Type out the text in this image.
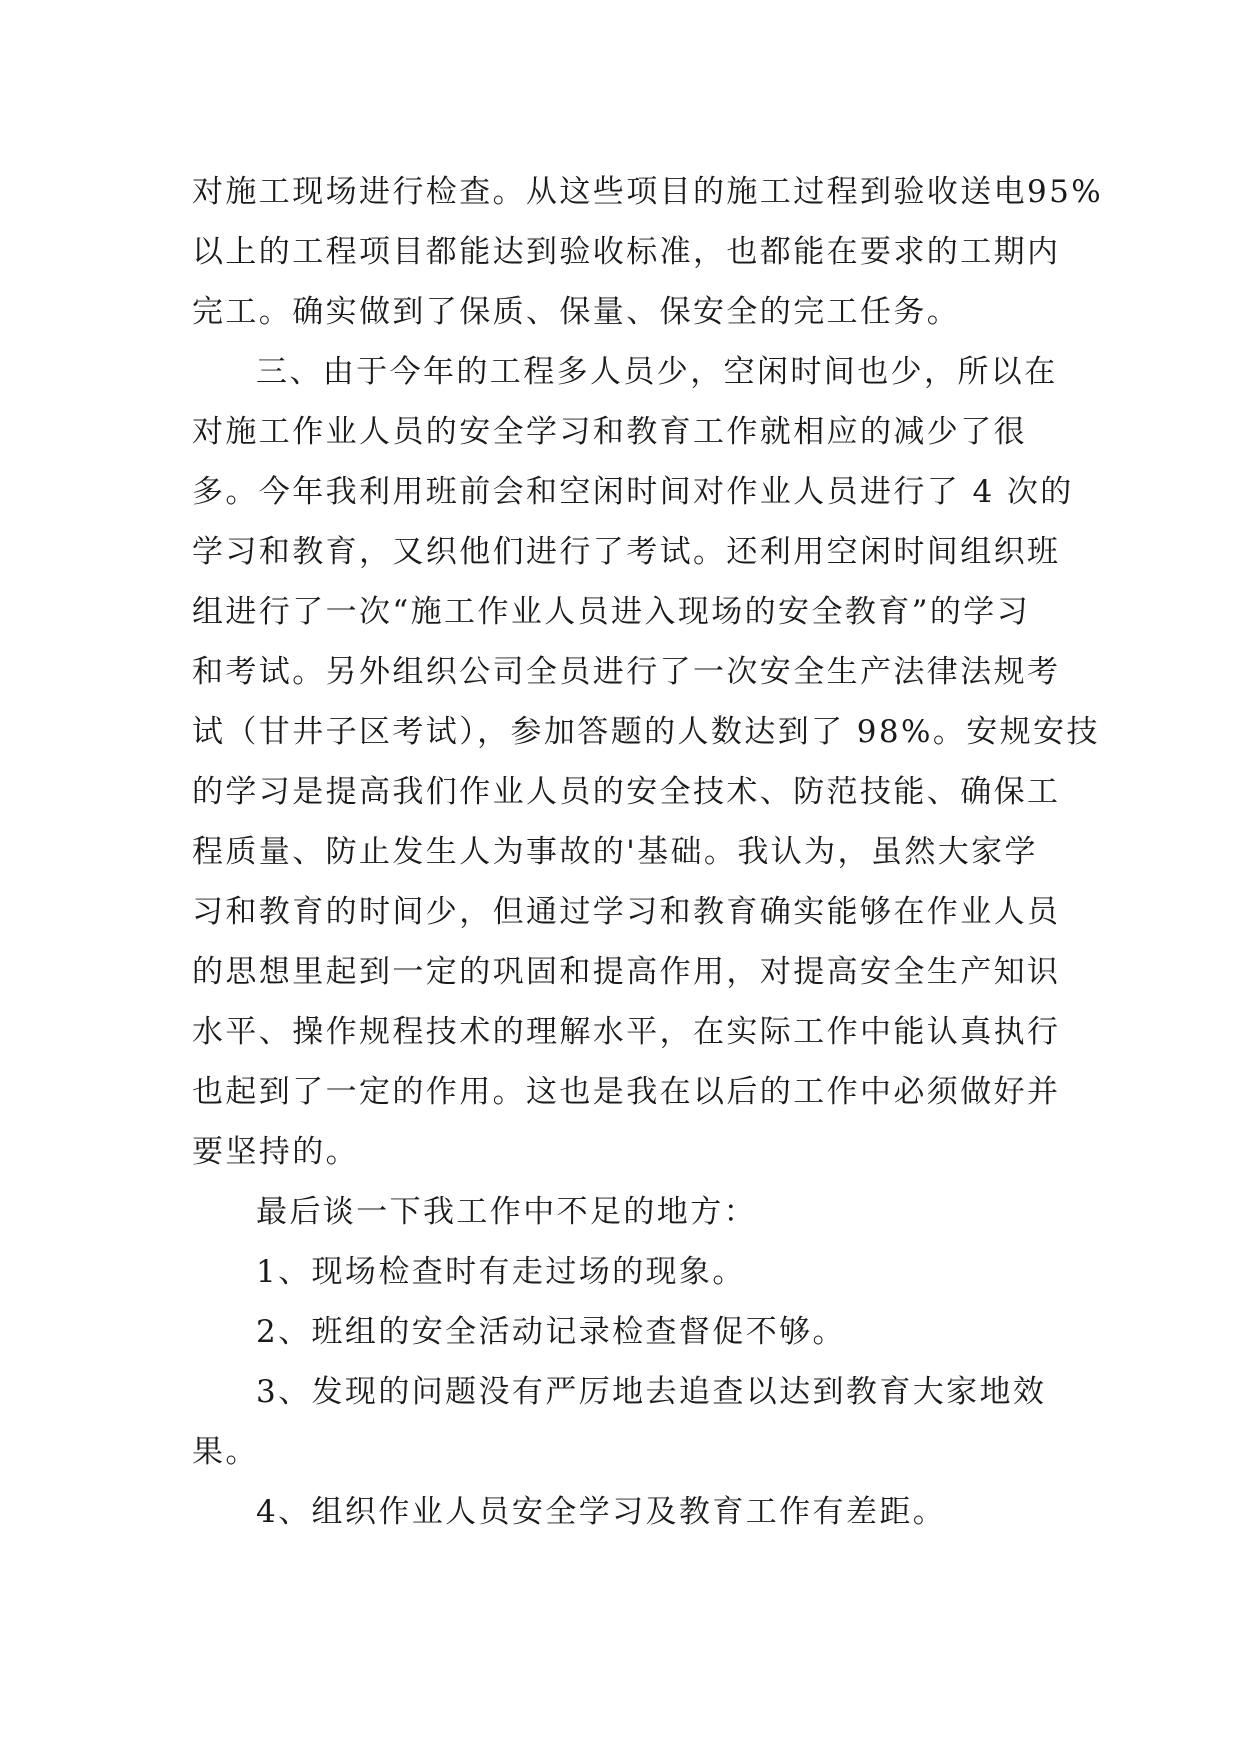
对施工现场进行检查。从这些项目的施工过程到验收送电95%
以上的工程项目都能达到验收标准，也都能在要求的工期内
完工。确实做到了保质、保量、保安全的完工任务。
三、由于今年的工程多人员少，空闲时间也少，所以在
对施工作业人员的安全学习和教育工作就相应的减少了很
多。今年我利用班前会和空闲时间对作业人员进行了 4 次的
学习和教育，又织他们进行了考试。还利用空闲时间组织班
组进行了一次“施工作业人员进入现场的安全教育”的学习
和考试。另外组织公司全员进行了一次安全生产法律法规考
试（甘井子区考试），参加答题的人数达到了 98%。安规安技
的学习是提高我们作业人员的安全技术、防范技能、确保工
程质量、防止发生人为事故的'基础。我认为，虽然大家学
习和教育的时间少，但通过学习和教育确实能够在作业人员
的思想里起到一定的巩固和提高作用，对提高安全生产知识
水平、操作规程技术的理解水平，在实际工作中能认真执行
也起到了一定的作用。这也是我在以后的工作中必须做好并
要坚持的。
最后谈一下我工作中不足的地方：
1、现场检查时有走过场的现象。
2、班组的安全活动记录检查督促不够。
3、发现的问题没有严厉地去追查以达到教育大家地效
果。
4、组织作业人员安全学习及教育工作有差距。
